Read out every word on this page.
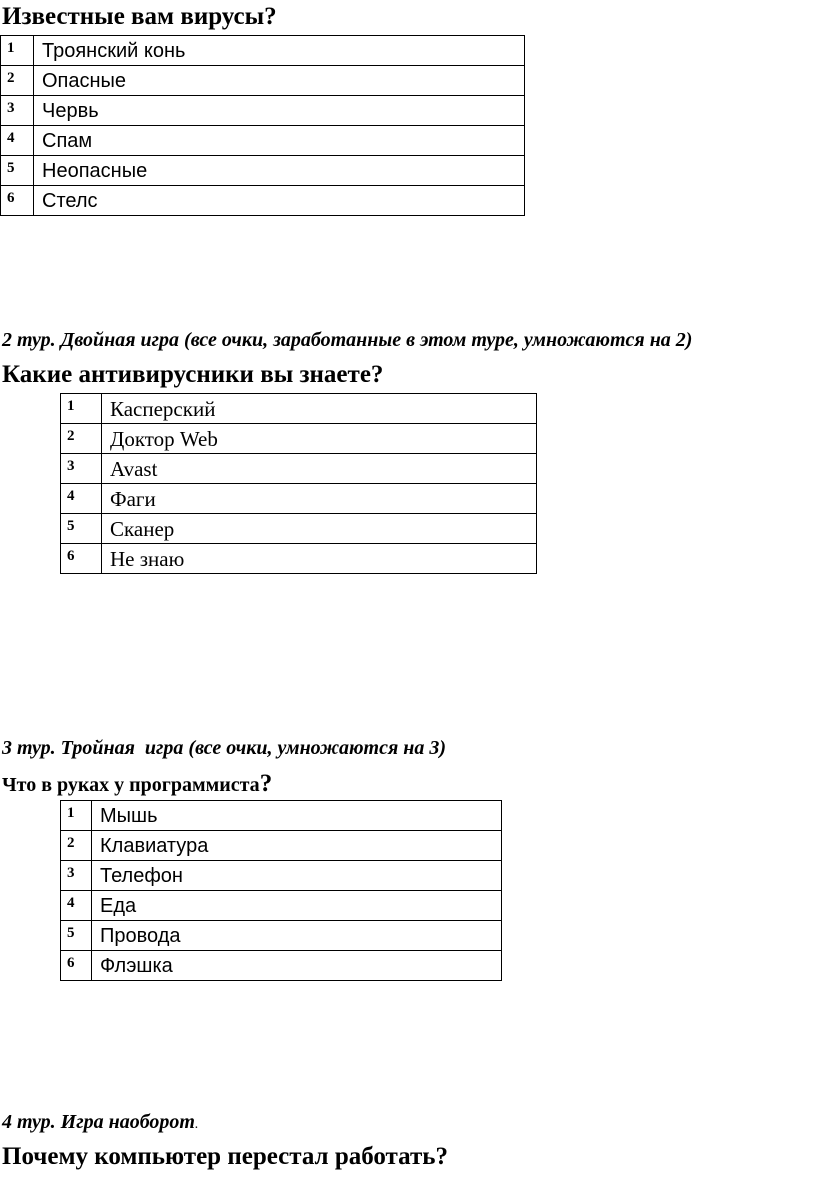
Известные вам вирусы?
1	Троянский конь
2	Опасные
3	Червь
4	Спам
5	Неопасные
6	Стелс
2 тур. Двойная игра (все очки, заработанные в этом туре, умножаются на 2)
Какие антивирусники вы знаете?
1	Касперский
2	Доктор Web
3	Avast
4	Фаги
5	Сканер
6	Не знаю
3 тур. Тройная  игра (все очки, умножаются на 3)
Что в руках у программиста?
1	Мышь
2	Клавиатура
3	Телефон
4	Еда
5	Провода
6	Флэшка
4 тур. Игра наоборот.
Почему компьютер перестал работать?
